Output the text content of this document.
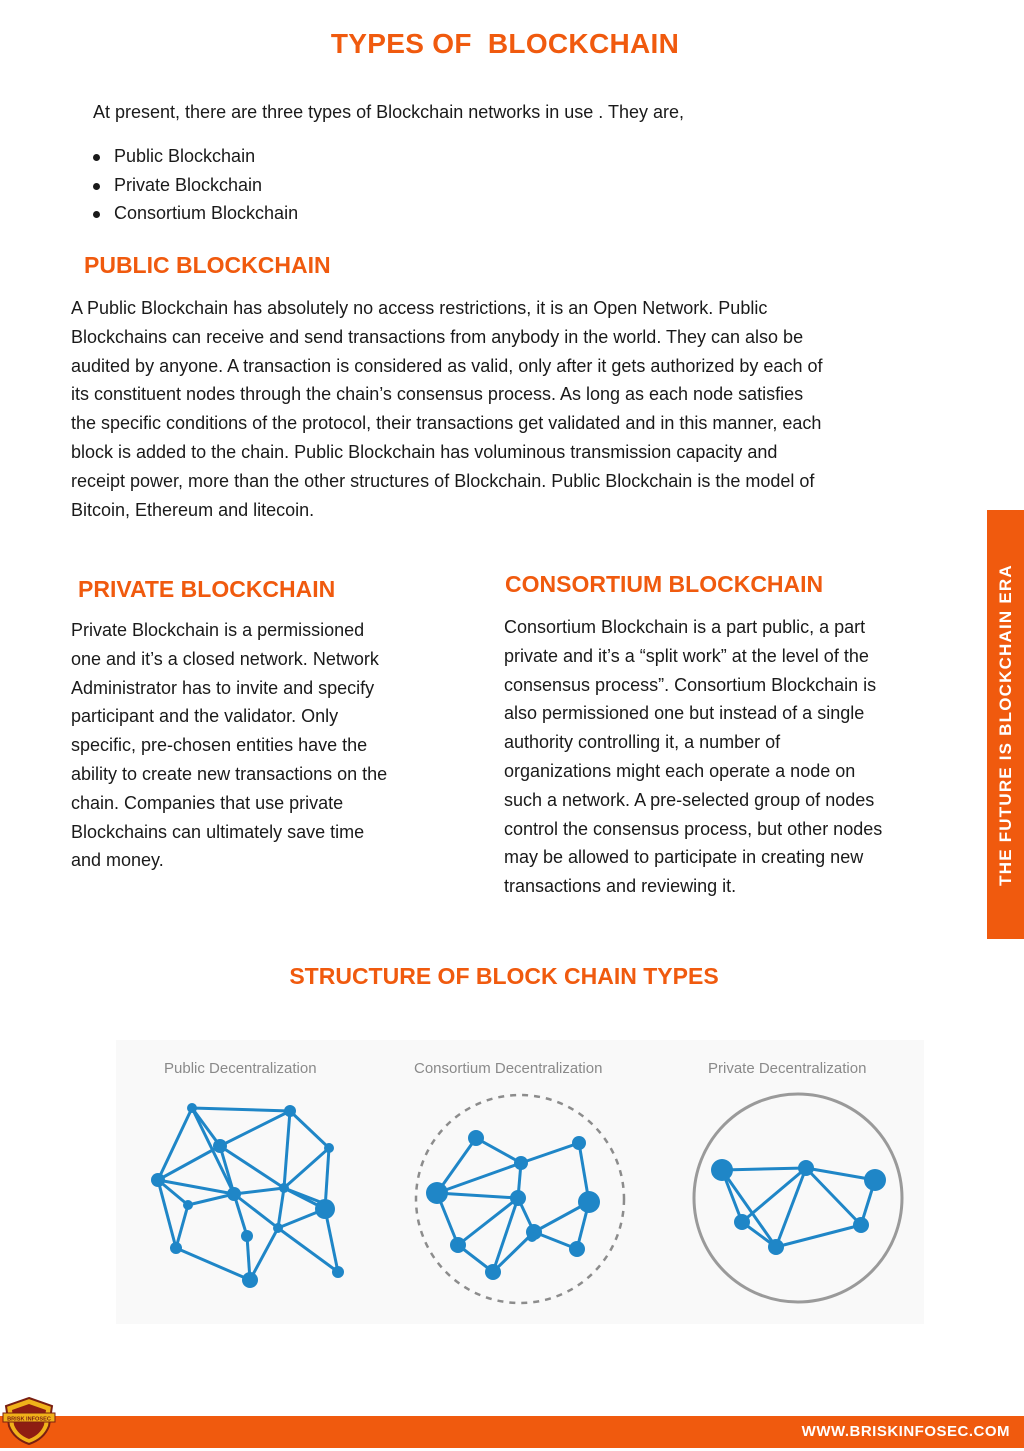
TYPES OF  BLOCKCHAIN
At present, there are three types of Blockchain networks in use . They are,
Public Blockchain
Private Blockchain
Consortium Blockchain
PUBLIC BLOCKCHAIN
A Public Blockchain has absolutely no access restrictions, it is an Open Network. Public
Blockchains can receive and send transactions from anybody in the world. They can also be
audited by anyone. A transaction is considered as valid, only after it gets authorized by each of
its constituent nodes through the chain’s consensus process. As long as each node satisfies
the specific conditions of the protocol, their transactions get validated and in this manner, each
block is added to the chain. Public Blockchain has voluminous transmission capacity and
receipt power, more than the other structures of Blockchain. Public Blockchain is the model of
Bitcoin, Ethereum and litecoin.
PRIVATE BLOCKCHAIN
Private Blockchain is a permissioned
one and it’s a closed network. Network
Administrator has to invite and specify
participant and the validator. Only
specific, pre-chosen entities have the
ability to create new transactions on the
chain. Companies that use private
Blockchains can ultimately save time
and money.
CONSORTIUM BLOCKCHAIN
Consortium Blockchain is a part public, a part
private and it’s a “split work” at the level of the
consensus process”. Consortium Blockchain is
also permissioned one but instead of a single
authority controlling it, a number of
organizations might each operate a node on
such a network. A pre-selected group of nodes
control the consensus process, but other nodes
may be allowed to participate in creating new
transactions and reviewing it.
THE FUTURE IS BLOCKCHAIN ERA
STRUCTURE OF BLOCK CHAIN TYPES
Public Decentralization	Consortium Decentralization	Private Decentralization
WWW.BRISKINFOSEC.COM
BRISK INFOSEC
